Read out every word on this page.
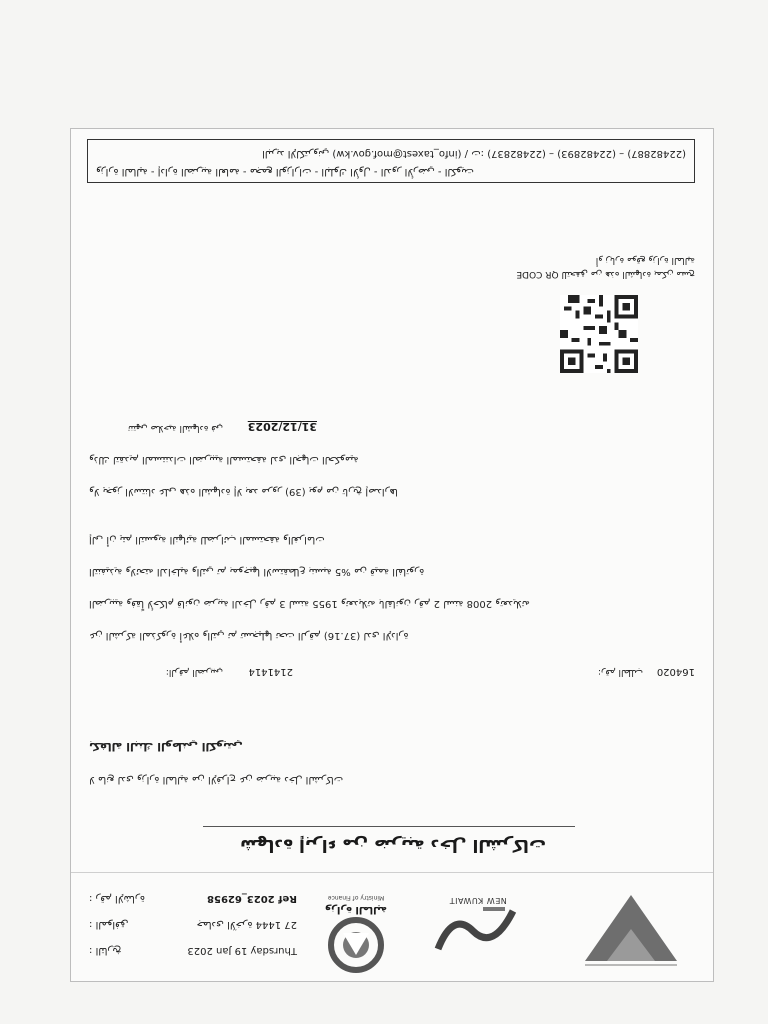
NEW KUWAIT
وزارة المالية
Ministry of Finance
Thursday 19 Jan 2023
التاريخ :
27 جمادى الآخرة 1444
الموافق :
Ref 2023_62958
رقم الإشارة :
شهادة إبراء من ضريبة دخل الشركات
لا مانع لدى وزارة المالية من الإفراج عن ضريبة دخل الشركات
بكفالة البنك الوطني الكويتي
164020
رقم الطلب:
2141414
الرقم الضريبي:
عن الشركة المذكورة أعلاه والتي تم تسجيلها تحت الرقم (37.16) لدى الإدارة
الضريبية وفقاً لأحكام قانون ضريبة الدخل رقم 3 لسنة 1955 وتعديلاته بالقانون رقم 2 لسنة 2008 وتعديلاته
التنفيذية ولائحته الداخلية والتي تم بموجبها الاستقطاع بنسبة 5% من قيمة الفاتورة
إلى أن يتم التسوية النهائية للضرائب المستحقة والغرامات
ولا يجوز الاستناد على هذه الشهادة إلا بعد مرور (39) يوم من تاريخ إصدارها
وذلك لتقديم المستندات الضريبية المستحقة لدى الجهات الحكومية
31/12/2023
تنتهي صلاحية الشهادة في
للتحقق من هذه الشهادة يمكن مسح QR CODE
أو زيارة موقع وزارة المالية
وزارة المالية - إدارة الضريبة العامة - مجمع الوزارات - البلوك الأول - الدور الأرضي - الكويت
(22482887) – (22482893) – (22482837) :ت / (info_taxest@mof.gov.kw) البريد الإلكتروني
